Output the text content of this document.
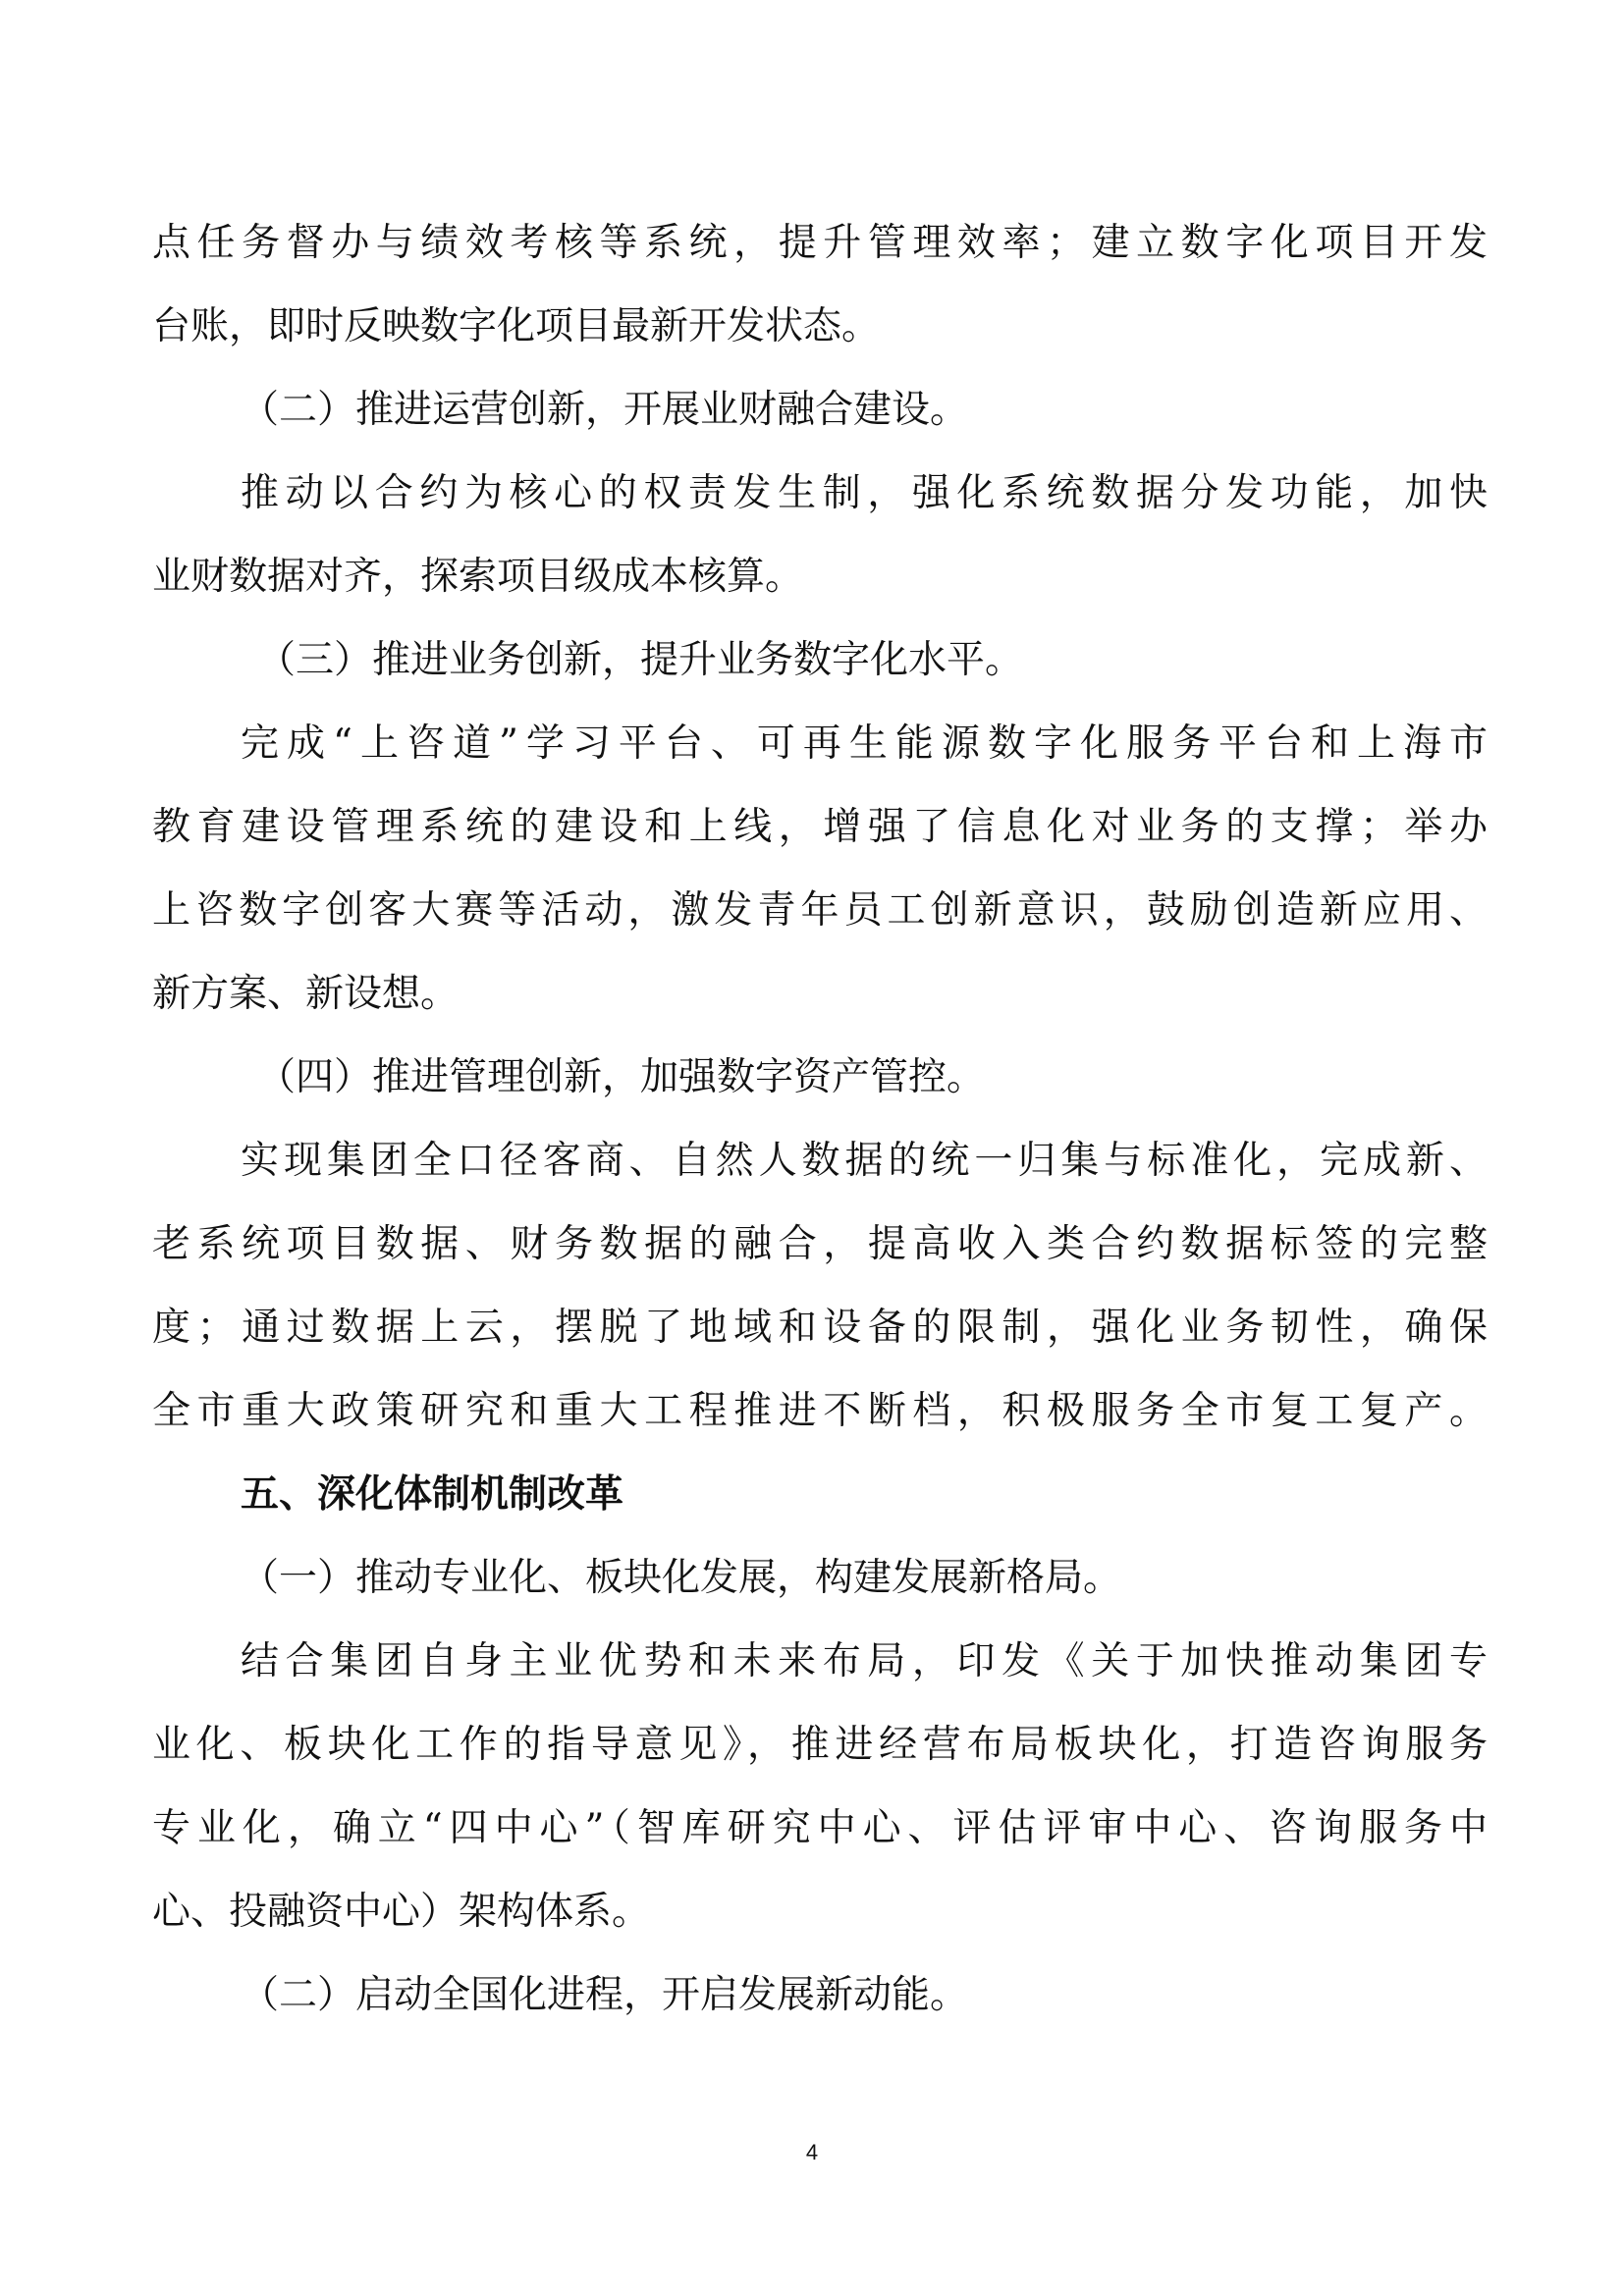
点任务督办与绩效考核等系统，提升管理效率；建立数字化项目开发
台账，即时反映数字化项目最新开发状态。
（二）推进运营创新，开展业财融合建设。
推动以合约为核心的权责发生制，强化系统数据分发功能，加快
业财数据对齐，探索项目级成本核算。
（三）推进业务创新，提升业务数字化水平。
完成“上咨道”学习平台、可再生能源数字化服务平台和上海市
教育建设管理系统的建设和上线，增强了信息化对业务的支撑；举办
上咨数字创客大赛等活动，激发青年员工创新意识，鼓励创造新应用、
新方案、新设想。
（四）推进管理创新，加强数字资产管控。
实现集团全口径客商、自然人数据的统一归集与标准化，完成新、
老系统项目数据、财务数据的融合，提高收入类合约数据标签的完整
度；通过数据上云，摆脱了地域和设备的限制，强化业务韧性，确保
全市重大政策研究和重大工程推进不断档，积极服务全市复工复产。
五、深化体制机制改革
（一）推动专业化、板块化发展，构建发展新格局。
结合集团自身主业优势和未来布局，印发《关于加快推动集团专
业化、板块化工作的指导意见》，推进经营布局板块化，打造咨询服务
专业化，确立“四中心”（智库研究中心、评估评审中心、咨询服务中
心、投融资中心）架构体系。
（二）启动全国化进程，开启发展新动能。
4
